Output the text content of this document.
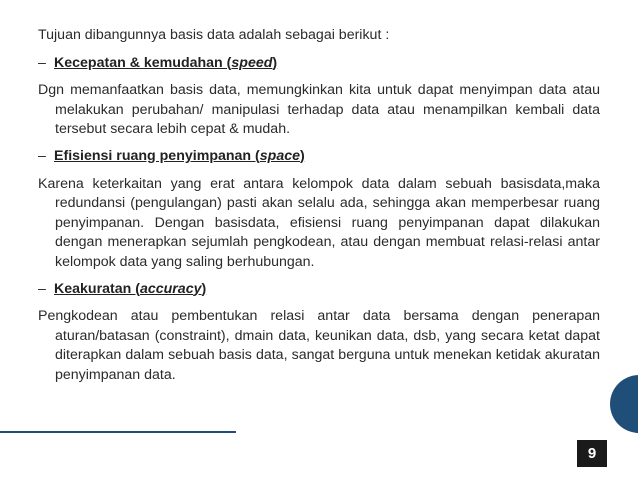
Tujuan dibangunnya basis data adalah sebagai berikut :

– Kecepatan & kemudahan (speed)

Dgn memanfaatkan basis data, memungkinkan kita untuk dapat menyimpan data atau melakukan perubahan/ manipulasi terhadap data atau menampilkan kembali data tersebut secara lebih cepat & mudah.

– Efisiensi ruang penyimpanan (space)

Karena keterkaitan yang erat antara kelompok data dalam sebuah basisdata,maka redundansi (pengulangan) pasti akan selalu ada, sehingga akan memperbesar ruang penyimpanan. Dengan basisdata, efisiensi ruang penyimpanan dapat dilakukan dengan menerapkan sejumlah pengkodean, atau dengan membuat relasi-relasi antar kelompok data yang saling berhubungan.

– Keakuratan (accuracy)

Pengkodean atau pembentukan relasi antar data bersama dengan penerapan aturan/batasan (constraint), dmain data, keunikan data, dsb, yang secara ketat dapat diterapkan dalam sebuah basis data, sangat berguna untuk menekan ketidak akuratan penyimpanan data.

9
